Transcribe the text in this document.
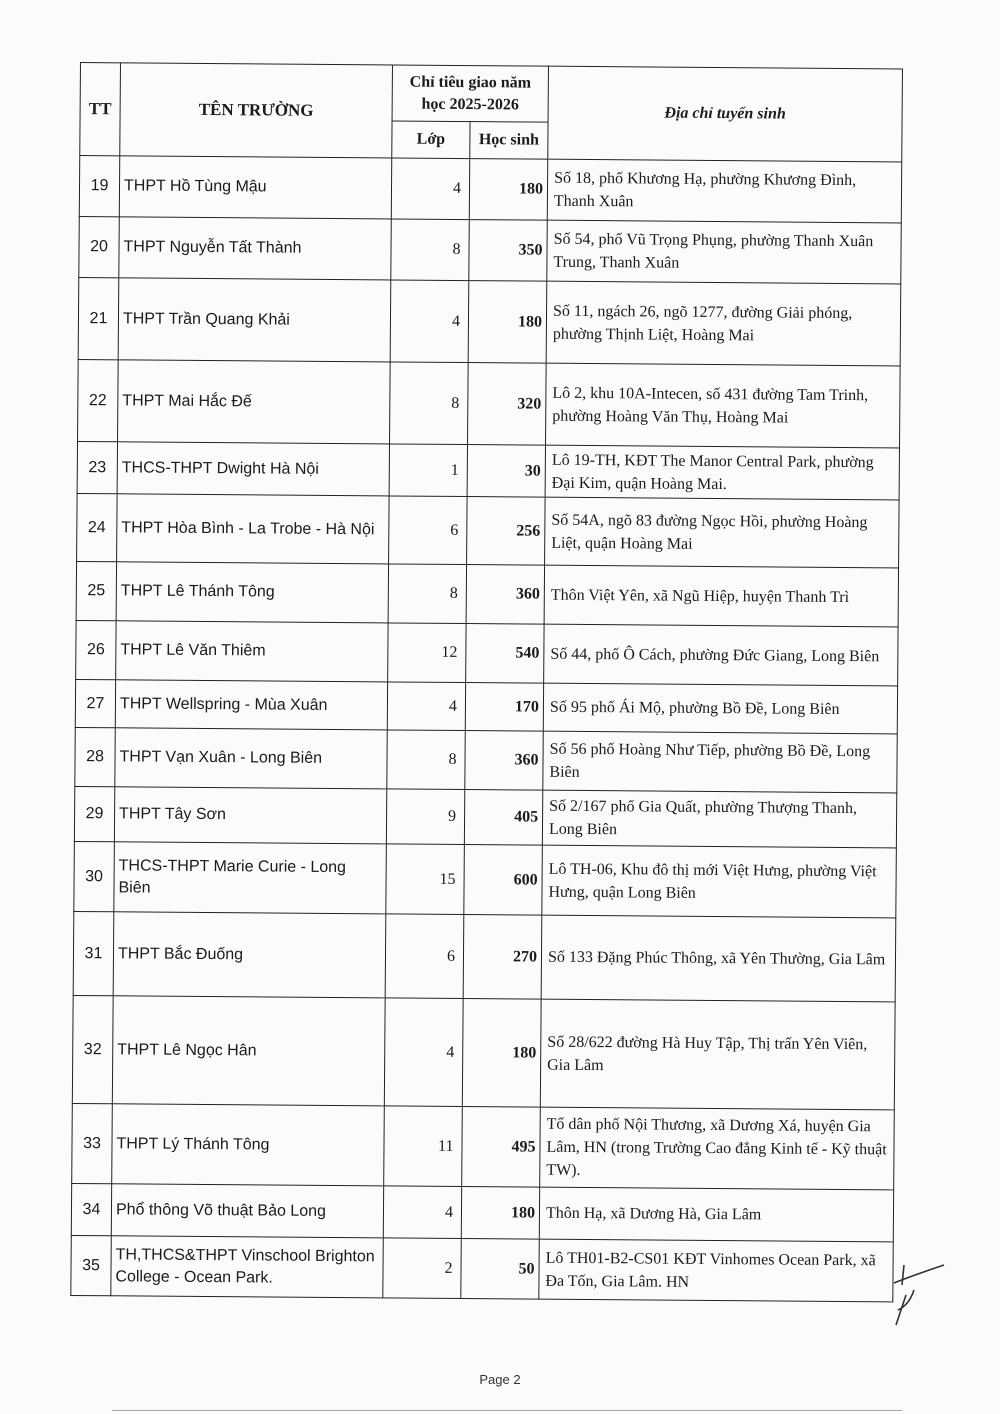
TT	TÊN TRƯỜNG	Chỉ tiêu giao năm học 2025-2026		Địa chỉ tuyển sinh
		Lớp	Học sinh	
19	THPT Hồ Tùng Mậu	4	180	Số 18, phố Khương Hạ, phường Khương Đình, Thanh Xuân
20	THPT Nguyễn Tất Thành	8	350	Số 54, phố Vũ Trọng Phụng, phường Thanh Xuân Trung, Thanh Xuân
21	THPT Trần Quang Khải	4	180	Số 11, ngách 26, ngõ 1277, đường Giải phóng, phường Thịnh Liệt, Hoàng Mai
22	THPT Mai Hắc Đế	8	320	Lô 2, khu 10A-Intecen, số 431 đường Tam Trinh, phường Hoàng Văn Thụ, Hoàng Mai
23	THCS-THPT Dwight Hà Nội	1	30	Lô 19-TH, KĐT The Manor Central Park, phường Đại Kim, quận Hoàng Mai.
24	THPT Hòa Bình - La Trobe - Hà Nội	6	256	Số 54A, ngõ 83 đường Ngọc Hồi, phường Hoàng Liệt, quận Hoàng Mai
25	THPT Lê Thánh Tông	8	360	Thôn Việt Yên, xã Ngũ Hiệp, huyện Thanh Trì
26	THPT Lê Văn Thiêm	12	540	Số 44, phố Ô Cách, phường Đức Giang, Long Biên
27	THPT Wellspring - Mùa Xuân	4	170	Số 95 phố Ái Mộ, phường Bồ Đề, Long Biên
28	THPT Vạn Xuân - Long Biên	8	360	Số 56 phố Hoàng Như Tiếp, phường Bồ Đề, Long Biên
29	THPT Tây Sơn	9	405	Số 2/167 phố Gia Quất, phường Thượng Thanh, Long Biên
30	THCS-THPT Marie Curie - Long Biên	15	600	Lô TH-06, Khu đô thị mới Việt Hưng, phường Việt Hưng, quận Long Biên
31	THPT Bắc Đuống	6	270	Số 133 Đặng Phúc Thông, xã Yên Thường, Gia Lâm
32	THPT Lê Ngọc Hân	4	180	Số 28/622 đường Hà Huy Tập, Thị trấn Yên Viên, Gia Lâm
33	THPT Lý Thánh Tông	11	495	Tổ dân phố Nội Thương, xã Dương Xá, huyện Gia Lâm, HN (trong Trường Cao đẳng Kinh tế - Kỹ thuật TW).
34	Phổ thông Võ thuật Bảo Long	4	180	Thôn Hạ, xã Dương Hà, Gia Lâm
35	TH,THCS&THPT Vinschool Brighton College - Ocean Park.	2	50	Lô TH01-B2-CS01 KĐT Vinhomes Ocean Park, xã Đa Tốn, Gia Lâm. HN
Page 2
